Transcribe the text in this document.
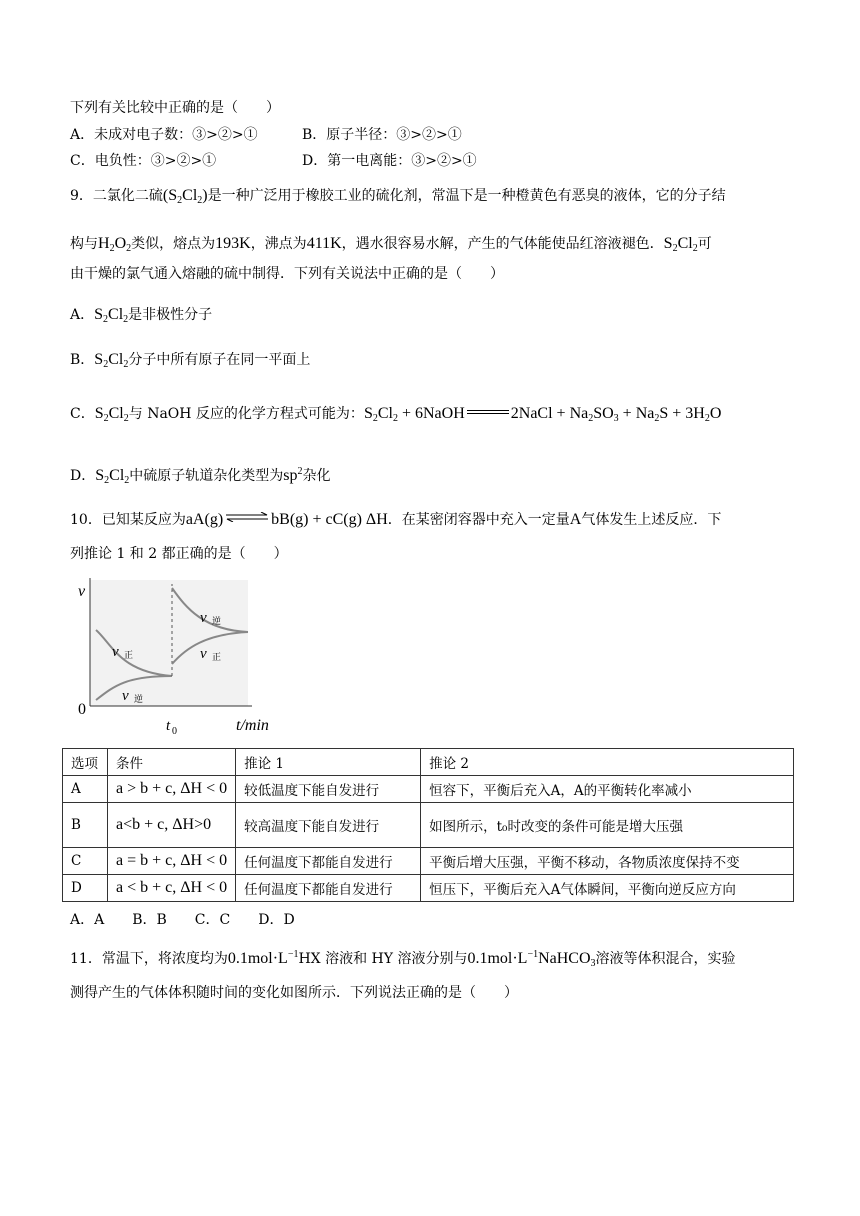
下列有关比较中正确的是（　　）
A．未成对电子数：③>②>①	B．原子半径：③>②>①
C．电负性：③>②>①	D．第一电离能：③>②>①
9．二氯化二硫$(S_2Cl_2)$是一种广泛用于橡胶工业的硫化剂，常温下是一种橙黄色有恶臭的液体，它的分子结
构与$H_2O_2$类似，熔点为193K，沸点为411K，遇水很容易水解，产生的气体能使品红溶液褪色．$S_2Cl_2$可
由干燥的氯气通入熔融的硫中制得．下列有关说法中正确的是（　　）
A．$S_2Cl_2$是非极性分子
B．$S_2Cl_2$分子中所有原子在同一平面上
C．$S_2Cl_2$与 NaOH 反应的化学方程式可能为：$S_2Cl_2$ + 6NaOH	2NaCl + $Na_2SO_3 + Na_2S + 3H_2O$
D．$S_2Cl_2$中硫原子轨道杂化类型为$sp^2$杂化
10．已知某反应为aA(g)	bB(g) + cC(g) ΔH．在某密闭容器中充入一定量A气体发生上述反应．下
列推论 1 和 2 都正确的是（　　）
v
0
v 正
v 逆
v 逆
v 正
t 0	t/min
选项	条件	推论 1	推论 2
A	a > b + c, ΔH < 0	较低温度下能自发进行	恒容下，平衡后充入A，A的平衡转化率减小
B	a<b + c, ΔH>0	较高温度下能自发进行	如图所示，t₀时改变的条件可能是增大压强
C	a = b + c, ΔH < 0	任何温度下都能自发进行	平衡后增大压强，平衡不移动，各物质浓度保持不变
D	a < b + c, ΔH < 0	任何温度下都能自发进行	恒压下，平衡后充入A气体瞬间，平衡向逆反应方向
A．A　　B．B　　C．C　　D．D
11．常温下，将浓度均为$0.1mol\cdot L^{-1}HX$ 溶液和 HY 溶液分别与$0.1mol\cdot L^{-1}NaHCO_3$溶液等体积混合，实验
测得产生的气体体积随时间的变化如图所示．下列说法正确的是（　　）
